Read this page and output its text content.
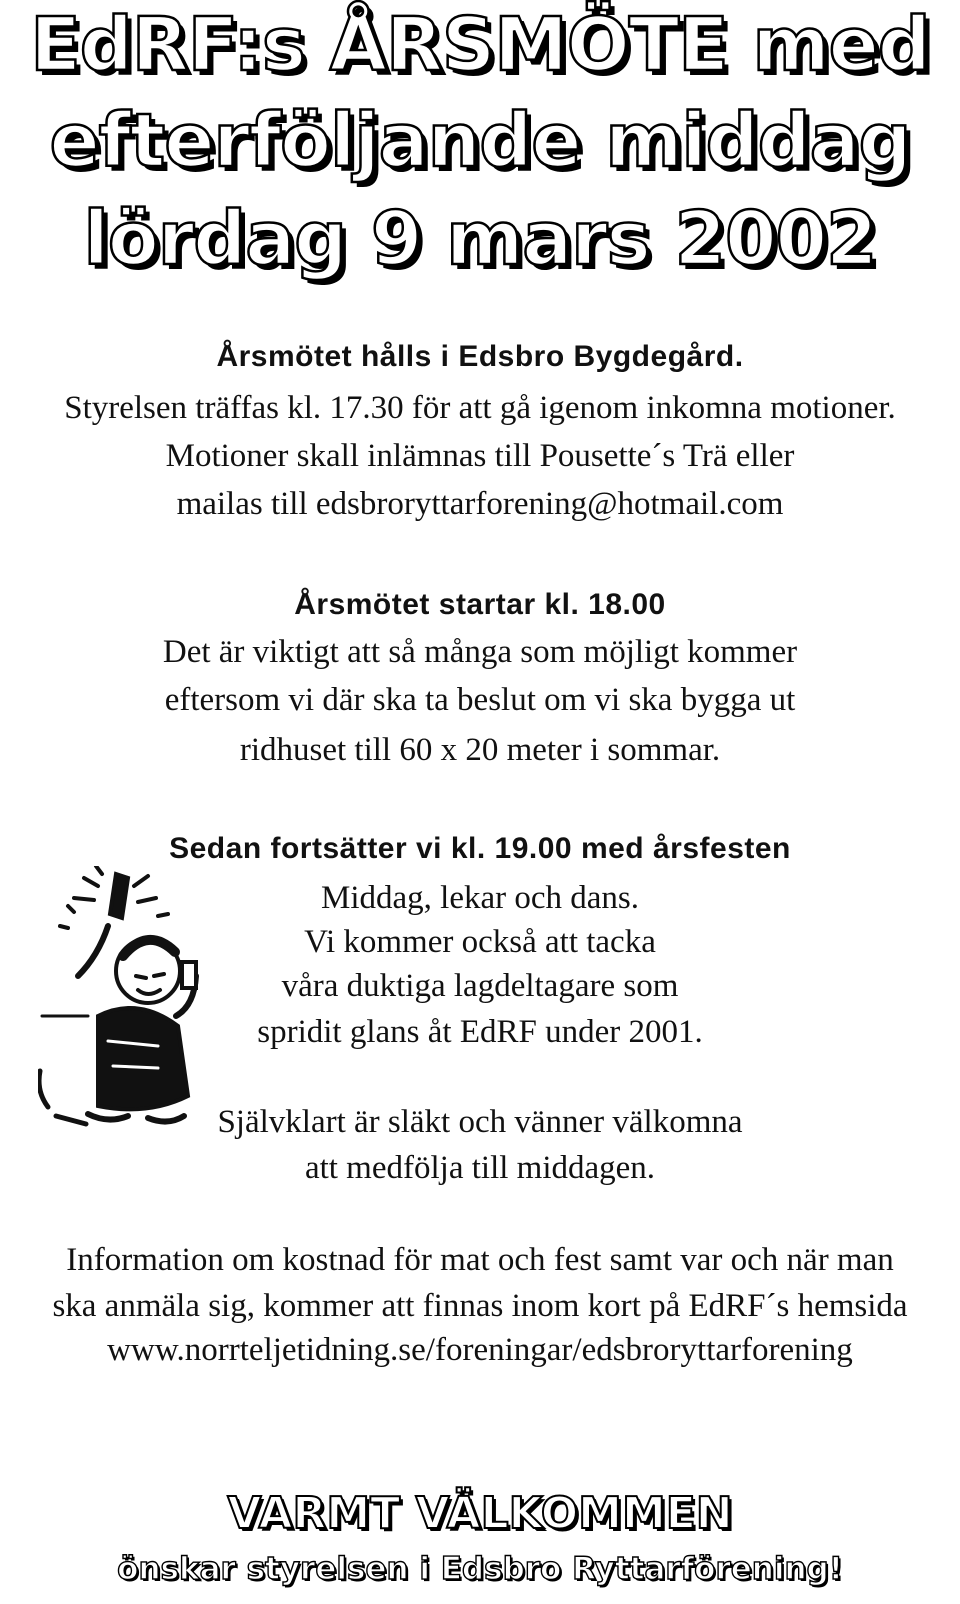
EdRF:s ÅRSMÖTE med
efterföljande middag
lördag 9 mars 2002
Årsmötet hålls i Edsbro Bygdegård.
Styrelsen träffas kl. 17.30 för att gå igenom inkomna motioner.
Motioner skall inlämnas till Pousette´s Trä eller
mailas till edsbroryttarforening@hotmail.com
Årsmötet startar kl. 18.00
Det är viktigt att så många som möjligt kommer
eftersom vi där ska ta beslut om vi ska bygga ut
ridhuset till 60 x 20 meter i sommar.
Sedan fortsätter vi kl. 19.00 med årsfesten
Middag, lekar och dans.
Vi kommer också att tacka
våra duktiga lagdeltagare som
spridit glans åt EdRF under 2001.
Självklart är släkt och vänner välkomna
att medfölja till middagen.
Information om kostnad för mat och fest samt var och när man
ska anmäla sig, kommer att finnas inom kort på EdRF´s hemsida
www.norrteljetidning.se/foreningar/edsbroryttarforening
VARMT VÄLKOMMEN
önskar styrelsen i Edsbro Ryttarförening!
